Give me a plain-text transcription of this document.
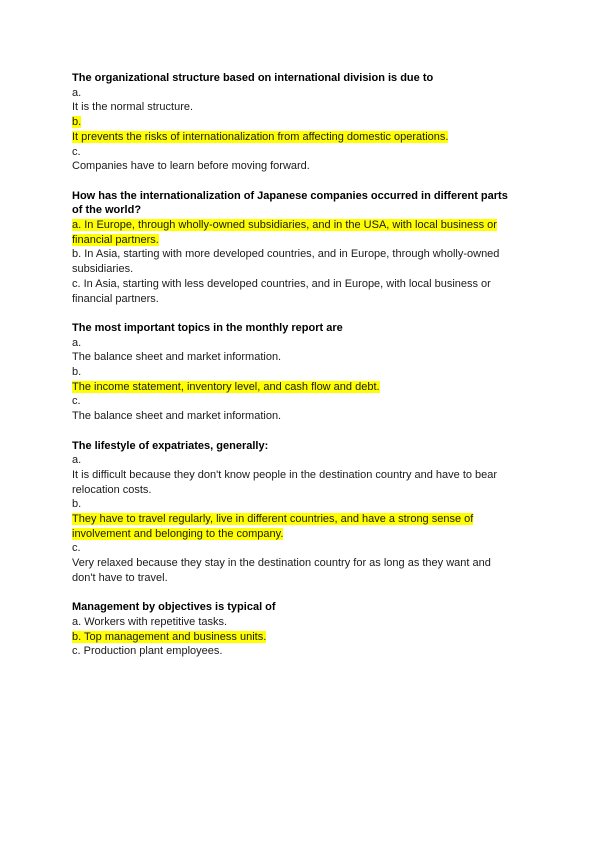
The organizational structure based on international division is due to
a.
It is the normal structure.
b.
It prevents the risks of internationalization from affecting domestic operations.
c.
Companies have to learn before moving forward.
How has the internationalization of Japanese companies occurred in different parts of the world?
a. In Europe, through wholly-owned subsidiaries, and in the USA, with local business or financial partners.
b. In Asia, starting with more developed countries, and in Europe, through wholly-owned subsidiaries.
c. In Asia, starting with less developed countries, and in Europe, with local business or financial partners.
The most important topics in the monthly report are
a.
The balance sheet and market information.
b.
The income statement, inventory level, and cash flow and debt.
c.
The balance sheet and market information.
The lifestyle of expatriates, generally:
a.
It is difficult because they don't know people in the destination country and have to bear relocation costs.
b.
They have to travel regularly, live in different countries, and have a strong sense of involvement and belonging to the company.
c.
Very relaxed because they stay in the destination country for as long as they want and don't have to travel.
Management by objectives is typical of
a. Workers with repetitive tasks.
b. Top management and business units.
c. Production plant employees.
